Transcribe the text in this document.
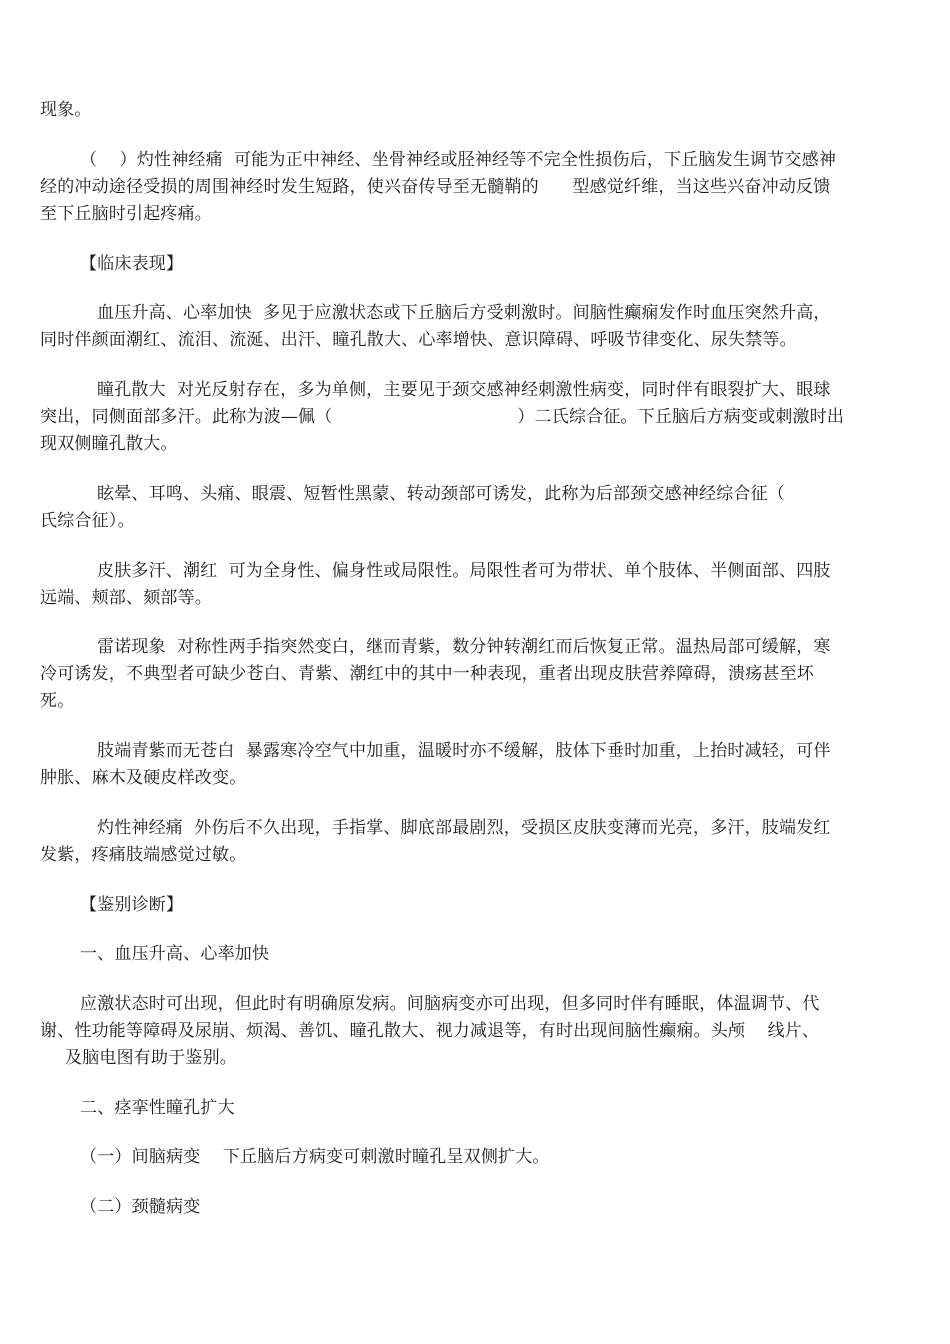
现象。
（    ）灼性神经痛  可能为正中神经、坐骨神经或胫神经等不完全性损伤后，下丘脑发生调节交感神
经的冲动途径受损的周围神经时发生短路，使兴奋传导至无髓鞘的      型感觉纤维，当这些兴奋冲动反馈
至下丘脑时引起疼痛。
【临床表现】
血压升高、心率加快  多见于应激状态或下丘脑后方受刺激时。间脑性癫痫发作时血压突然升高，
同时伴颜面潮红、流泪、流涎、出汗、瞳孔散大、心率增快、意识障碍、呼吸节律变化、尿失禁等。
瞳孔散大  对光反射存在，多为单侧，主要见于颈交感神经刺激性病变，同时伴有眼裂扩大、眼球
突出，同侧面部多汗。此称为波—佩（                                 ）二氏综合征。下丘脑后方病变或刺激时出
现双侧瞳孔散大。
眩晕、耳鸣、头痛、眼震、短暂性黑蒙、转动颈部可诱发，此称为后部颈交感神经综合征（
氏综合征）。
皮肤多汗、潮红  可为全身性、偏身性或局限性。局限性者可为带状、单个肢体、半侧面部、四肢
远端、颊部、颏部等。
雷诺现象  对称性两手指突然变白，继而青紫，数分钟转潮红而后恢复正常。温热局部可缓解，寒
冷可诱发，不典型者可缺少苍白、青紫、潮红中的其中一种表现，重者出现皮肤营养障碍，溃疡甚至坏
死。
肢端青紫而无苍白  暴露寒冷空气中加重，温暖时亦不缓解，肢体下垂时加重，上抬时减轻，可伴
肿胀、麻木及硬皮样改变。
灼性神经痛  外伤后不久出现，手指掌、脚底部最剧烈，受损区皮肤变薄而光亮，多汗，肢端发红
发紫，疼痛肢端感觉过敏。
【鉴别诊断】
一、血压升高、心率加快
应激状态时可出现，但此时有明确原发病。间脑病变亦可出现，但多同时伴有睡眠，体温调节、代
谢、性功能等障碍及尿崩、烦渴、善饥、瞳孔散大、视力减退等，有时出现间脑性癫痫。头颅    线片、
及脑电图有助于鉴别。
二、痉挛性瞳孔扩大
（一）间脑病变    下丘脑后方病变可刺激时瞳孔呈双侧扩大。
（二）颈髓病变
